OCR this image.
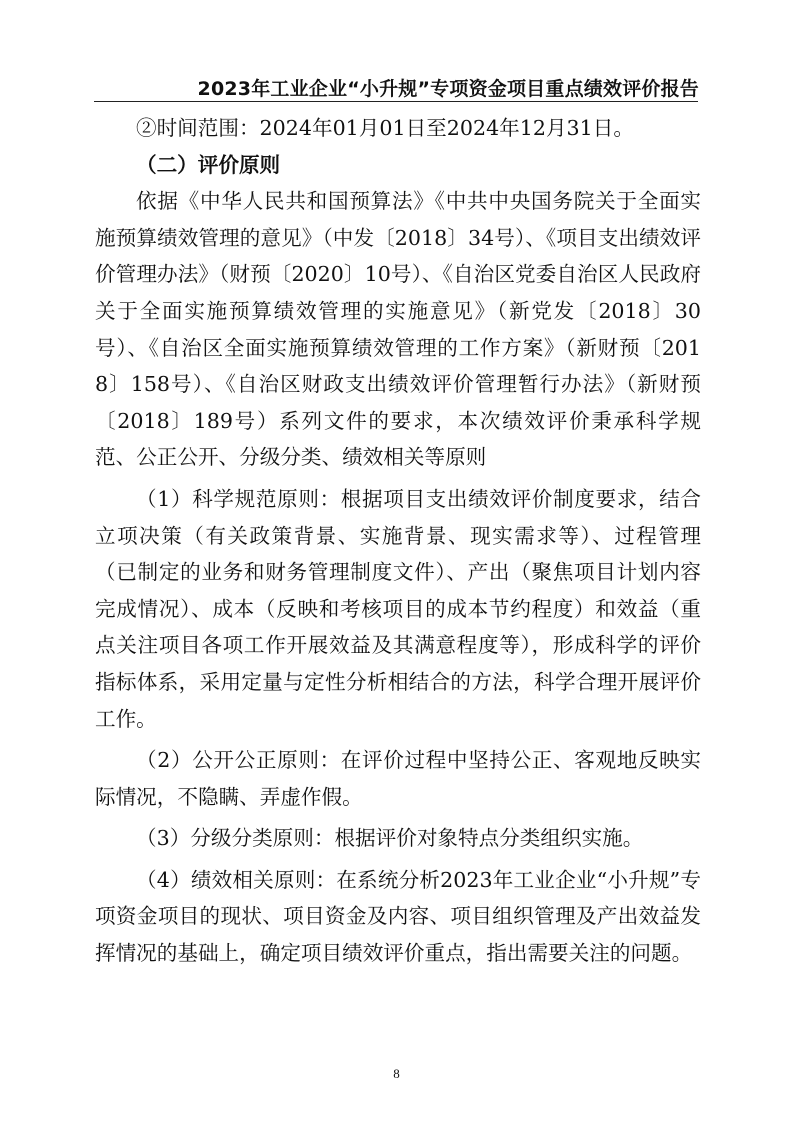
2023年工业企业“小升规”专项资金项目重点绩效评价报告

②时间范围：2024年01月01日至2024年12月31日。

（二）评价原则

依据《中华人民共和国预算法》《中共中央国务院关于全面实施预算绩效管理的意见》（中发〔2018〕34号）、《项目支出绩效评价管理办法》（财预〔2020〕10号）、《自治区党委自治区人民政府关于全面实施预算绩效管理的实施意见》（新党发〔2018〕30号）、《自治区全面实施预算绩效管理的工作方案》（新财预〔2018〕158号）、《自治区财政支出绩效评价管理暂行办法》（新财预〔2018〕189号）系列文件的要求，本次绩效评价秉承科学规范、公正公开、分级分类、绩效相关等原则

（1）科学规范原则：根据项目支出绩效评价制度要求，结合立项决策（有关政策背景、实施背景、现实需求等）、过程管理（已制定的业务和财务管理制度文件）、产出（聚焦项目计划内容完成情况）、成本（反映和考核项目的成本节约程度）和效益（重点关注项目各项工作开展效益及其满意程度等），形成科学的评价指标体系，采用定量与定性分析相结合的方法，科学合理开展评价工作。

（2）公开公正原则：在评价过程中坚持公正、客观地反映实际情况，不隐瞒、弄虚作假。

（3）分级分类原则：根据评价对象特点分类组织实施。

（4）绩效相关原则：在系统分析2023年工业企业“小升规”专项资金项目的现状、项目资金及内容、项目组织管理及产出效益发挥情况的基础上，确定项目绩效评价重点，指出需要关注的问题。

8
